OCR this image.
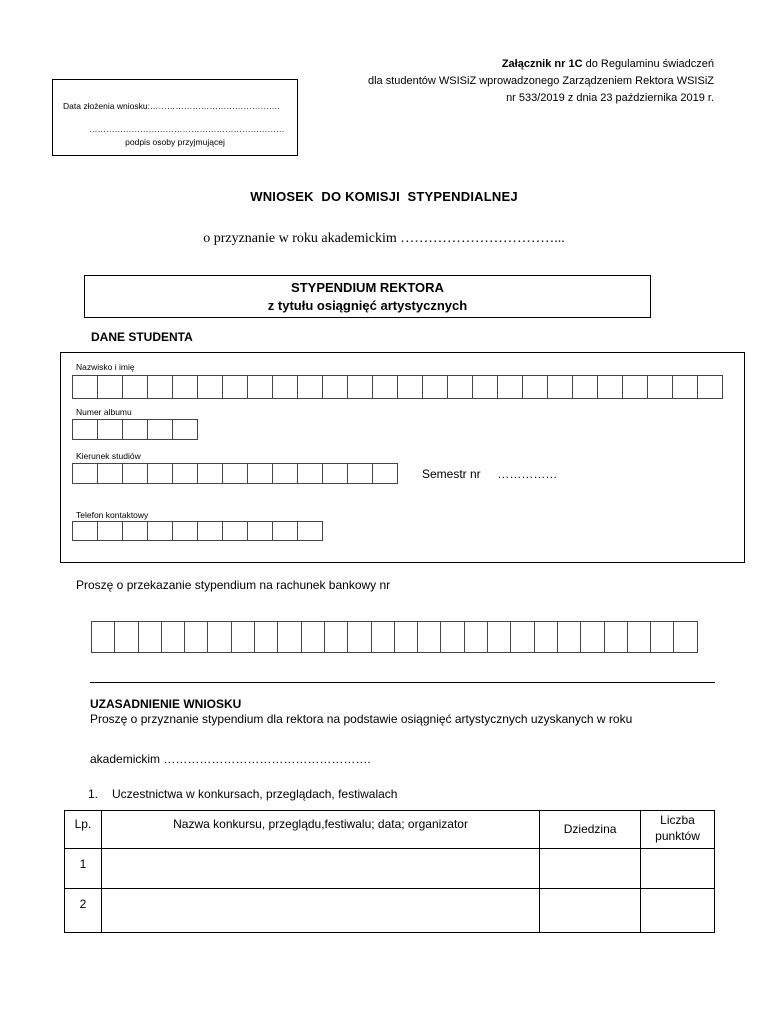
Załącznik nr 1C do Regulaminu świadczeń
dla studentów WSISiZ wprowadzonego Zarządzeniem Rektora WSISiZ
nr 533/2019 z dnia 23 października 2019 r.
Data złożenia wniosku:……………………………………….
……………………………………………………………
podpis osoby przyjmującej
WNIOSEK  DO KOMISJI  STYPENDIALNEJ
o przyznanie w roku akademickim ……………………………...
STYPENDIUM REKTORA
z tytułu osiągnięć artystycznych
DANE STUDENTA
Nazwisko i imię
Numer albumu
Kierunek studiów
Semestr nr ……………
Telefon kontaktowy
Proszę o przekazanie stypendium na rachunek bankowy nr
UZASADNIENIE WNIOSKU
Proszę o przyznanie stypendium dla rektora na podstawie osiągnięć artystycznych uzyskanych w roku
akademickim …………………………………………….
1. Uczestnictwa w konkursach, przeglądach, festiwalach
Lp.	Nazwa konkursu, przeglądu,festiwalu; data; organizator	Dziedzina	Liczba
punktów

1			
2			
